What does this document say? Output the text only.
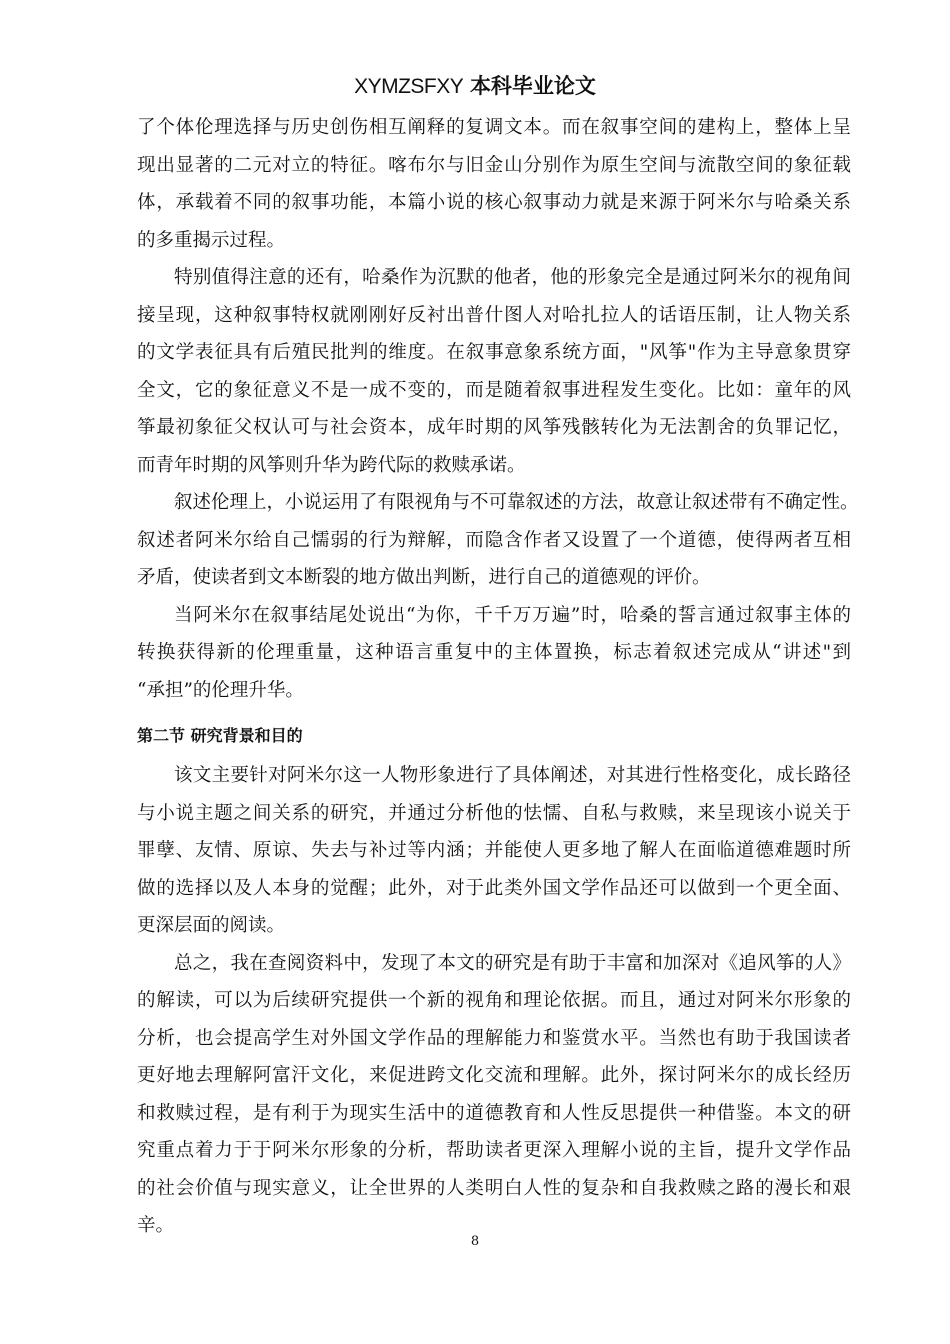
XYMZSFXY 本科毕业论文
了个体伦理选择与历史创伤相互阐释的复调文本。而在叙事空间的建构上，整体上呈
现出显著的二元对立的特征。喀布尔与旧金山分别作为原生空间与流散空间的象征载
体，承载着不同的叙事功能，本篇小说的核心叙事动力就是来源于阿米尔与哈桑关系
的多重揭示过程。
特别值得注意的还有，哈桑作为沉默的他者，他的形象完全是通过阿米尔的视角间
接呈现，这种叙事特权就刚刚好反衬出普什图人对哈扎拉人的话语压制，让人物关系
的文学表征具有后殖民批判的维度。在叙事意象系统方面，"风筝"作为主导意象贯穿
全文，它的象征意义不是一成不变的，而是随着叙事进程发生变化。比如：童年的风
筝最初象征父权认可与社会资本，成年时期的风筝残骸转化为无法割舍的负罪记忆，
而青年时期的风筝则升华为跨代际的救赎承诺。
叙述伦理上，小说运用了有限视角与不可靠叙述的方法，故意让叙述带有不确定性。
叙述者阿米尔给自己懦弱的行为辩解，而隐含作者又设置了一个道德，使得两者互相
矛盾，使读者到文本断裂的地方做出判断，进行自己的道德观的评价。
当阿米尔在叙事结尾处说出“为你，千千万万遍”时，哈桑的誓言通过叙事主体的
转换获得新的伦理重量，这种语言重复中的主体置换，标志着叙述完成从“讲述"到
“承担”的伦理升华。
第二节 研究背景和目的
该文主要针对阿米尔这一人物形象进行了具体阐述，对其进行性格变化，成长路径
与小说主题之间关系的研究，并通过分析他的怯懦、自私与救赎，来呈现该小说关于
罪孽、友情、原谅、失去与补过等内涵；并能使人更多地了解人在面临道德难题时所
做的选择以及人本身的觉醒；此外，对于此类外国文学作品还可以做到一个更全面、
更深层面的阅读。
总之，我在查阅资料中，发现了本文的研究是有助于丰富和加深对《追风筝的人》
的解读，可以为后续研究提供一个新的视角和理论依据。而且，通过对阿米尔形象的
分析，也会提高学生对外国文学作品的理解能力和鉴赏水平。当然也有助于我国读者
更好地去理解阿富汗文化，来促进跨文化交流和理解。此外，探讨阿米尔的成长经历
和救赎过程，是有利于为现实生活中的道德教育和人性反思提供一种借鉴。本文的研
究重点着力于于阿米尔形象的分析，帮助读者更深入理解小说的主旨，提升文学作品
的社会价值与现实意义，让全世界的人类明白人性的复杂和自我救赎之路的漫长和艰
辛。
8
